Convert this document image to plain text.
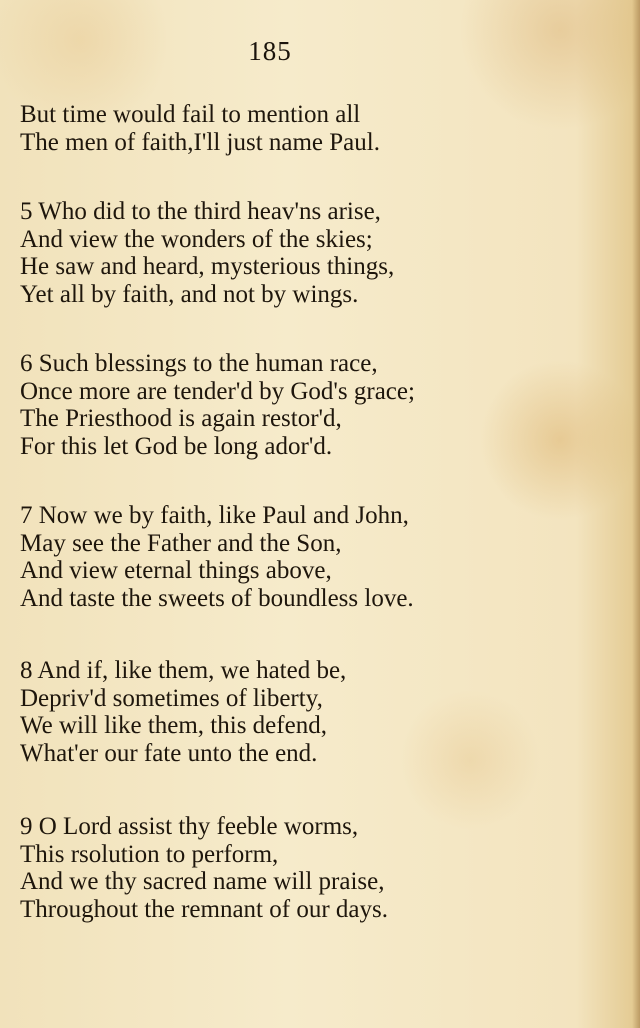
185
But time would fail to mention all
The men of faith,I'll just name Paul.
5 Who did to the third heav'ns arise,
And view the wonders of the skies;
He saw and heard, mysterious things,
Yet all by faith, and not by wings.
6 Such blessings to the human race,
Once more are tender'd by God's grace;
The Priesthood is again restor'd,
For this let God be long ador'd.
7 Now we by faith, like Paul and John,
May see the Father and the Son,
And view eternal things above,
And taste the sweets of boundless love.
8 And if, like them, we hated be,
Depriv'd sometimes of liberty,
We will like them, this defend,
What'er our fate unto the end.
9 O Lord assist thy feeble worms,
This rsolution to perform,
And we thy sacred name will praise,
Throughout the remnant of our days.
